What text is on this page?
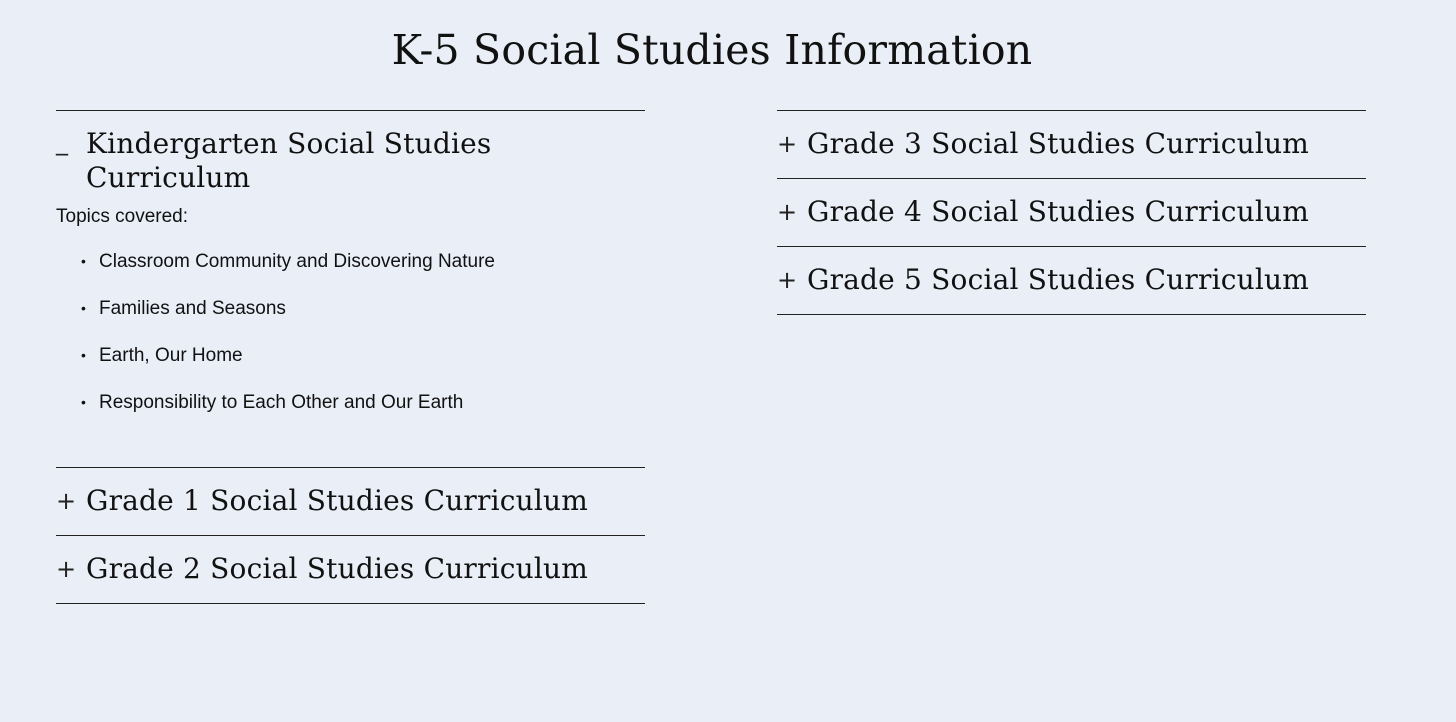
K-5 Social Studies Information
_ Kindergarten Social Studies Curriculum

Topics covered:

• Classroom Community and Discovering Nature
• Families and Seasons
• Earth, Our Home
• Responsibility to Each Other and Our Earth
+ Grade 1 Social Studies Curriculum
+ Grade 2 Social Studies Curriculum
+ Grade 3 Social Studies Curriculum
+ Grade 4 Social Studies Curriculum
+ Grade 5 Social Studies Curriculum
